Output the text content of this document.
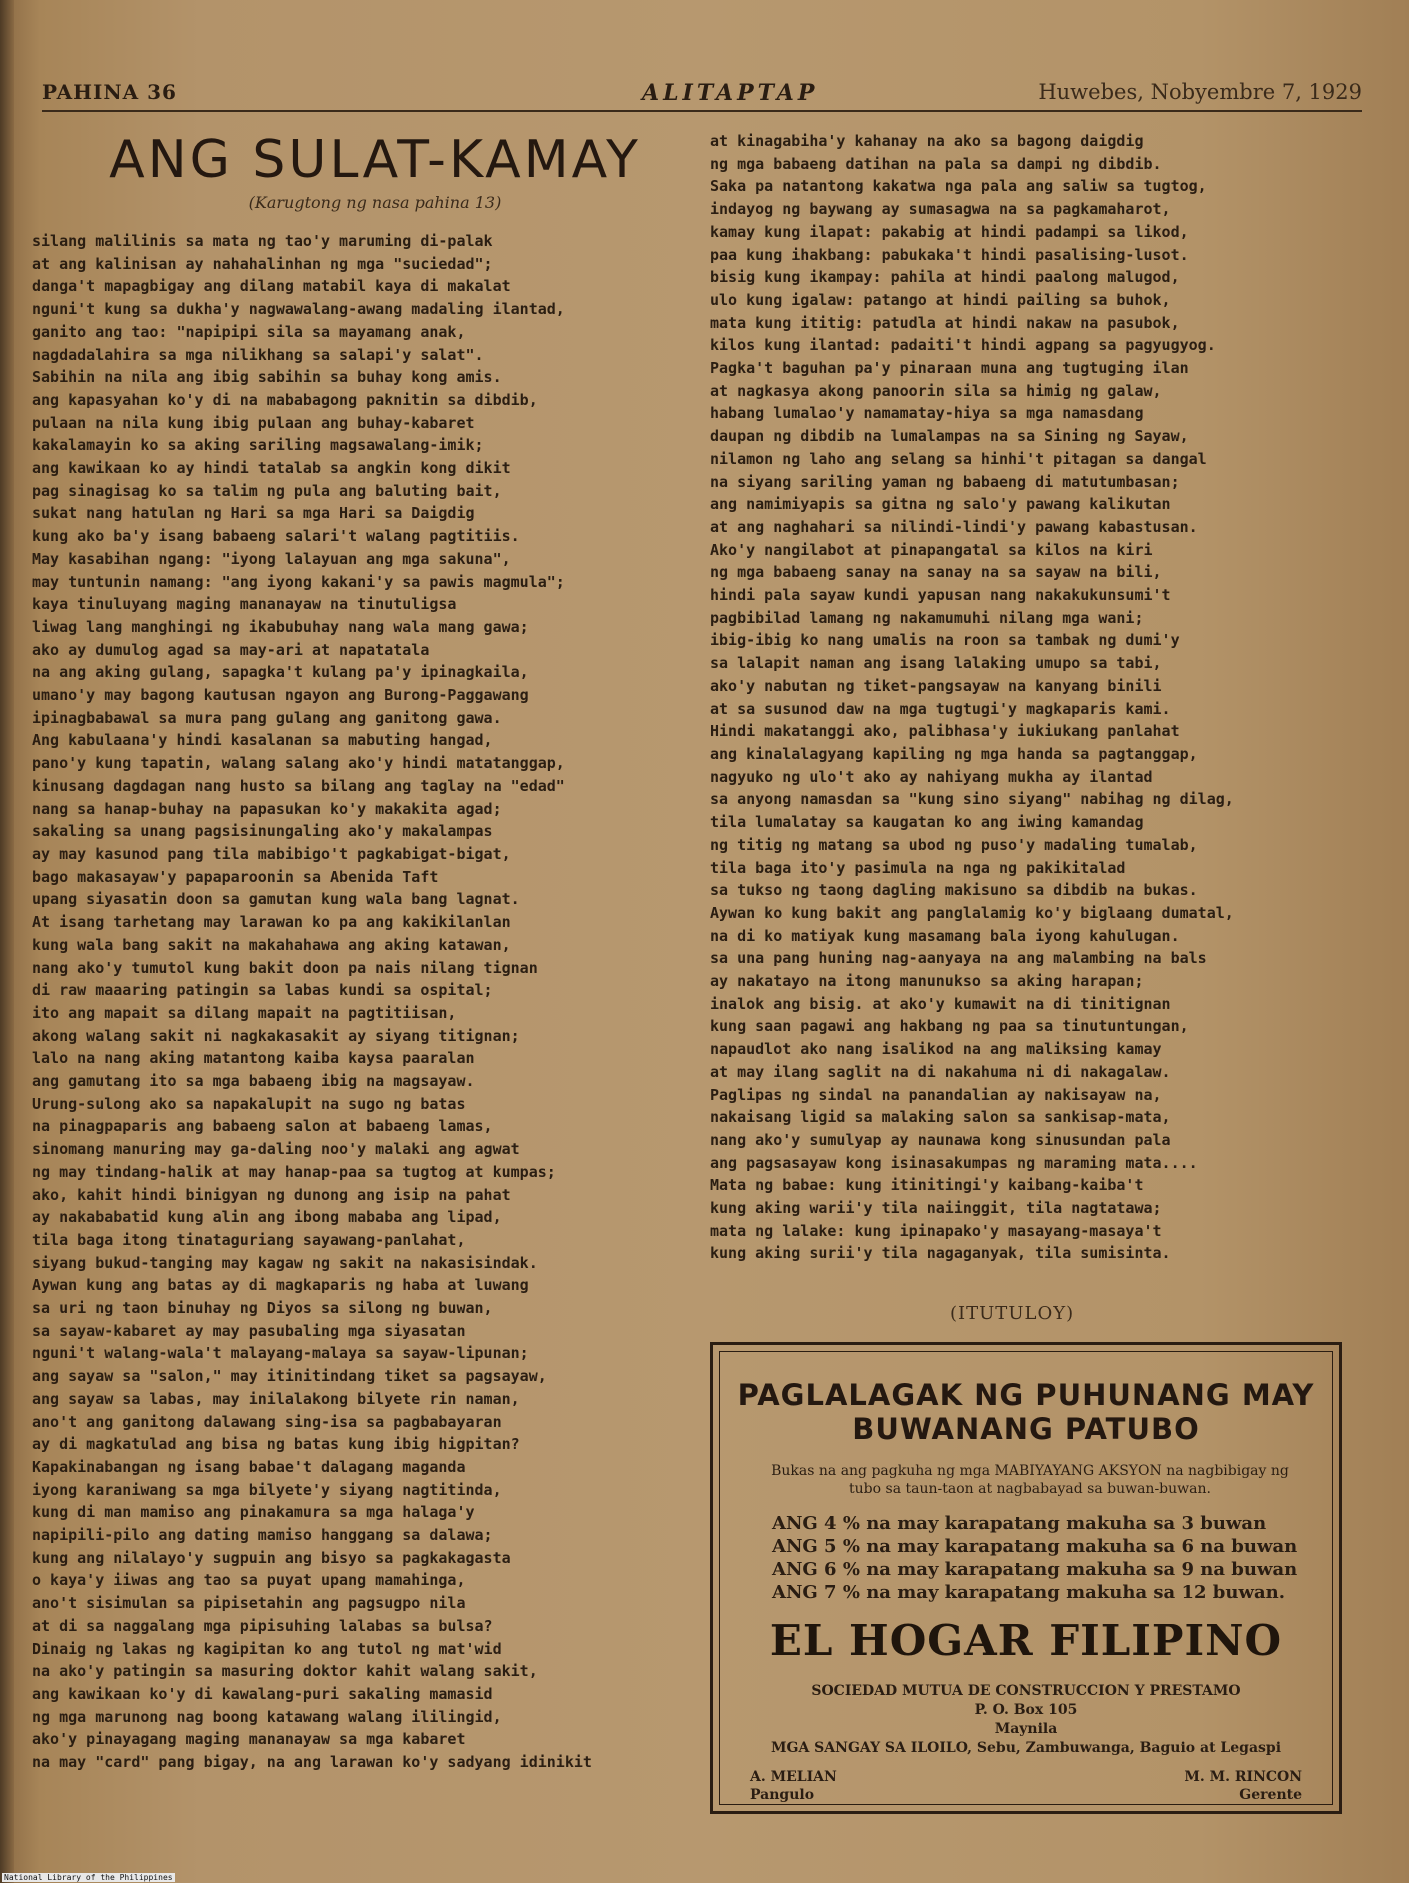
PAHINA 36	ALITAPTAP	Huwebes, Nobyembre 7, 1929
ANG SULAT-KAMAY
(Karugtong ng nasa pahina 13)
silang malilinis sa mata ng tao'y maruming di-palak
at ang kalinisan ay nahahalinhan ng mga "suciedad";
danga't mapagbigay ang dilang matabil kaya di makalat
nguni't kung sa dukha'y nagwawalang-awang madaling ilantad,
ganito ang tao: "napipipi sila sa mayamang anak,
nagdadalahira sa mga nilikhang sa salapi'y salat".
Sabihin na nila ang ibig sabihin sa buhay kong amis.
ang kapasyahan ko'y di na mababagong paknitin sa dibdib,
pulaan na nila kung ibig pulaan ang buhay-kabaret
kakalamayin ko sa aking sariling magsawalang-imik;
ang kawikaan ko ay hindi tatalab sa angkin kong dikit
pag sinagisag ko sa talim ng pula ang baluting bait,
sukat nang hatulan ng Hari sa mga Hari sa Daigdig
kung ako ba'y isang babaeng salari't walang pagtitiis.
May kasabihan ngang: "iyong lalayuan ang mga sakuna",
may tuntunin namang: "ang iyong kakani'y sa pawis magmula";
kaya tinuluyang maging mananayaw na tinutuligsa
liwag lang manghingi ng ikabubuhay nang wala mang gawa;
ako ay dumulog agad sa may-ari at napatatala
na ang aking gulang, sapagka't kulang pa'y ipinagkaila,
umano'y may bagong kautusan ngayon ang Burong-Paggawang
ipinagbabawal sa mura pang gulang ang ganitong gawa.
Ang kabulaana'y hindi kasalanan sa mabuting hangad,
pano'y kung tapatin, walang salang ako'y hindi matatanggap,
kinusang dagdagan nang husto sa bilang ang taglay na "edad"
nang sa hanap-buhay na papasukan ko'y makakita agad;
sakaling sa unang pagsisinungaling ako'y makalampas
ay may kasunod pang tila mabibigo't pagkabigat-bigat,
bago makasayaw'y papaparoonin sa Abenida Taft
upang siyasatin doon sa gamutan kung wala bang lagnat.
At isang tarhetang may larawan ko pa ang kakikilanlan
kung wala bang sakit na makahahawa ang aking katawan,
nang ako'y tumutol kung bakit doon pa nais nilang tignan
di raw maaaring patingin sa labas kundi sa ospital;
ito ang mapait sa dilang mapait na pagtitiisan,
akong walang sakit ni nagkakasakit ay siyang titignan;
lalo na nang aking matantong kaiba kaysa paaralan
ang gamutang ito sa mga babaeng ibig na magsayaw.
Urung-sulong ako sa napakalupit na sugo ng batas
na pinagpaparis ang babaeng salon at babaeng lamas,
sinomang manuring may ga-daling noo'y malaki ang agwat
ng may tindang-halik at may hanap-paa sa tugtog at kumpas;
ako, kahit hindi binigyan ng dunong ang isip na pahat
ay nakababatid kung alin ang ibong mababa ang lipad,
tila baga itong tinataguriang sayawang-panlahat,
siyang bukud-tanging may kagaw ng sakit na nakasisindak.
Aywan kung ang batas ay di magkaparis ng haba at luwang
sa uri ng taon binuhay ng Diyos sa silong ng buwan,
sa sayaw-kabaret ay may pasubaling mga siyasatan
nguni't walang-wala't malayang-malaya sa sayaw-lipunan;
ang sayaw sa "salon," may itinitindang tiket sa pagsayaw,
ang sayaw sa labas, may inilalakong bilyete rin naman,
ano't ang ganitong dalawang sing-isa sa pagbabayaran
ay di magkatulad ang bisa ng batas kung ibig higpitan?
Kapakinabangan ng isang babae't dalagang maganda
iyong karaniwang sa mga bilyete'y siyang nagtitinda,
kung di man mamiso ang pinakamura sa mga halaga'y
napipili-pilo ang dating mamiso hanggang sa dalawa;
kung ang nilalayo'y sugpuin ang bisyo sa pagkakagasta
o kaya'y iiwas ang tao sa puyat upang mamahinga,
ano't sisimulan sa pipisetahin ang pagsugpo nila
at di sa naggalang mga pipisuhing lalabas sa bulsa?
Dinaig ng lakas ng kagipitan ko ang tutol ng mat'wid
na ako'y patingin sa masuring doktor kahit walang sakit,
ang kawikaan ko'y di kawalang-puri sakaling mamasid
ng mga marunong nag boong katawang walang ililingid,
ako'y pinayagang maging mananayaw sa mga kabaret
na may "card" pang bigay, na ang larawan ko'y sadyang idinikit
at kinagabiha'y kahanay na ako sa bagong daigdig
ng mga babaeng datihan na pala sa dampi ng dibdib.
Saka pa natantong kakatwa nga pala ang saliw sa tugtog,
indayog ng baywang ay sumasagwa na sa pagkamaharot,
kamay kung ilapat: pakabig at hindi padampi sa likod,
paa kung ihakbang: pabukaka't hindi pasalising-lusot.
bisig kung ikampay: pahila at hindi paalong malugod,
ulo kung igalaw: patango at hindi pailing sa buhok,
mata kung ititig: patudla at hindi nakaw na pasubok,
kilos kung ilantad: padaiti't hindi agpang sa pagyugyog.
Pagka't baguhan pa'y pinaraan muna ang tugtuging ilan
at nagkasya akong panoorin sila sa himig ng galaw,
habang lumalao'y namamatay-hiya sa mga namasdang
daupan ng dibdib na lumalampas na sa Sining ng Sayaw,
nilamon ng laho ang selang sa hinhi't pitagan sa dangal
na siyang sariling yaman ng babaeng di matutumbasan;
ang namimiyapis sa gitna ng salo'y pawang kalikutan
at ang naghahari sa nilindi-lindi'y pawang kabastusan.
Ako'y nangilabot at pinapangatal sa kilos na kiri
ng mga babaeng sanay na sanay na sa sayaw na bili,
hindi pala sayaw kundi yapusan nang nakakukunsumi't
pagbibilad lamang ng nakamumuhi nilang mga wani;
ibig-ibig ko nang umalis na roon sa tambak ng dumi'y
sa lalapit naman ang isang lalaking umupo sa tabi,
ako'y nabutan ng tiket-pangsayaw na kanyang binili
at sa susunod daw na mga tugtugi'y magkaparis kami.
Hindi makatanggi ako, palibhasa'y iukiukang panlahat
ang kinalalagyang kapiling ng mga handa sa pagtanggap,
nagyuko ng ulo't ako ay nahiyang mukha ay ilantad
sa anyong namasdan sa "kung sino siyang" nabihag ng dilag,
tila lumalatay sa kaugatan ko ang iwing kamandag
ng titig ng matang sa ubod ng puso'y madaling tumalab,
tila baga ito'y pasimula na nga ng pakikitalad
sa tukso ng taong dagling makisuno sa dibdib na bukas.
Aywan ko kung bakit ang panglalamig ko'y biglaang dumatal,
na di ko matiyak kung masamang bala iyong kahulugan.
sa una pang huning nag-aanyaya na ang malambing na bals
ay nakatayo na itong manunukso sa aking harapan;
inalok ang bisig. at ako'y kumawit na di tinitignan
kung saan pagawi ang hakbang ng paa sa tinutuntungan,
napaudlot ako nang isalikod na ang maliksing kamay
at may ilang saglit na di nakahuma ni di nakagalaw.
Paglipas ng sindal na panandalian ay nakisayaw na,
nakaisang ligid sa malaking salon sa sankisap-mata,
nang ako'y sumulyap ay naunawa kong sinusundan pala
ang pagsasayaw kong isinasakumpas ng maraming mata....
Mata ng babae: kung itinitingi'y kaibang-kaiba't
kung aking warii'y tila naiinggit, tila nagtatawa;
mata ng lalake: kung ipinapako'y masayang-masaya't
kung aking surii'y tila nagaganyak, tila sumisinta.
(ITUTULOY)
PAGLALAGAK NG PUHUNANG MAY
BUWANANG PATUBO
Bukas na ang pagkuha ng mga MABIYAYANG AKSYON na nagbibigay ng tubo sa taun-taon at nagbabayad sa buwan-buwan.
ANG 4 % na may karapatang makuha sa 3 buwan
ANG 5 % na may karapatang makuha sa 6 na buwan
ANG 6 % na may karapatang makuha sa 9 na buwan
ANG 7 % na may karapatang makuha sa 12 buwan.
EL HOGAR FILIPINO
SOCIEDAD MUTUA DE CONSTRUCCION Y PRESTAMO
P. O. Box 105
Maynila
MGA SANGAY SA ILOILO, Sebu, Zambuwanga, Baguio at Legaspi
A. MELIAN
Pangulo
M. M. RINCON
Gerente
National Library of the Philippines
